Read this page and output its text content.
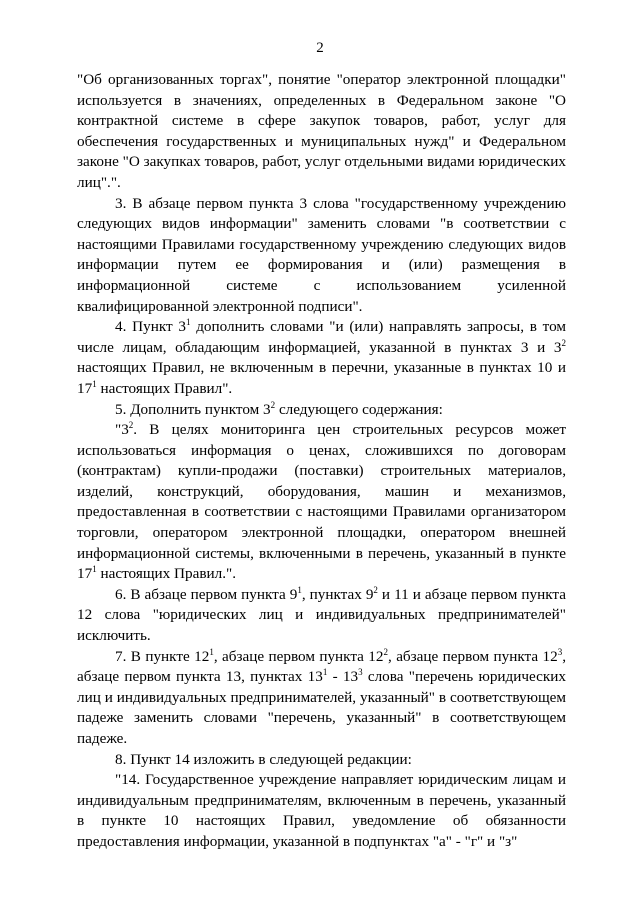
2

"Об организованных торгах", понятие "оператор электронной площадки" используется в значениях, определенных в Федеральном законе "О контрактной системе в сфере закупок товаров, работ, услуг для обеспечения государственных и муниципальных нужд" и Федеральном законе "О закупках товаров, работ, услуг отдельными видами юридических лиц".".

3. В абзаце первом пункта 3 слова "государственному учреждению следующих видов информации" заменить словами "в соответствии с настоящими Правилами государственному учреждению следующих видов информации путем ее формирования и (или) размещения в информационной системе с использованием усиленной квалифицированной электронной подписи".

4. Пункт $3^1$ дополнить словами "и (или) направлять запросы, в том числе лицам, обладающим информацией, указанной в пунктах 3 и $3^2$ настоящих Правил, не включенным в перечни, указанные в пунктах 10 и $17^1$ настоящих Правил".

5. Дополнить пунктом $3^2$ следующего содержания:

"$3^2$. В целях мониторинга цен строительных ресурсов может использоваться информация о ценах, сложившихся по договорам (контрактам) купли-продажи (поставки) строительных материалов, изделий, конструкций, оборудования, машин и механизмов, предоставленная в соответствии с настоящими Правилами организатором торговли, оператором электронной площадки, оператором внешней информационной системы, включенными в перечень, указанный в пункте $17^1$ настоящих Правил.".

6. В абзаце первом пункта $9^1$, пунктах $9^2$ и 11 и абзаце первом пункта 12 слова "юридических лиц и индивидуальных предпринимателей" исключить.

7. В пункте $12^1$, абзаце первом пункта $12^2$, абзаце первом пункта $12^3$, абзаце первом пункта 13, пунктах $13^1 - 13^3$ слова "перечень юридических лиц и индивидуальных предпринимателей, указанный" в соответствующем падеже заменить словами "перечень, указанный" в соответствующем падеже.

8. Пункт 14 изложить в следующей редакции:

"14. Государственное учреждение направляет юридическим лицам и индивидуальным предпринимателям, включенным в перечень, указанный в пункте 10 настоящих Правил, уведомление об обязанности предоставления информации, указанной в подпунктах "а" - "г" и "з"
